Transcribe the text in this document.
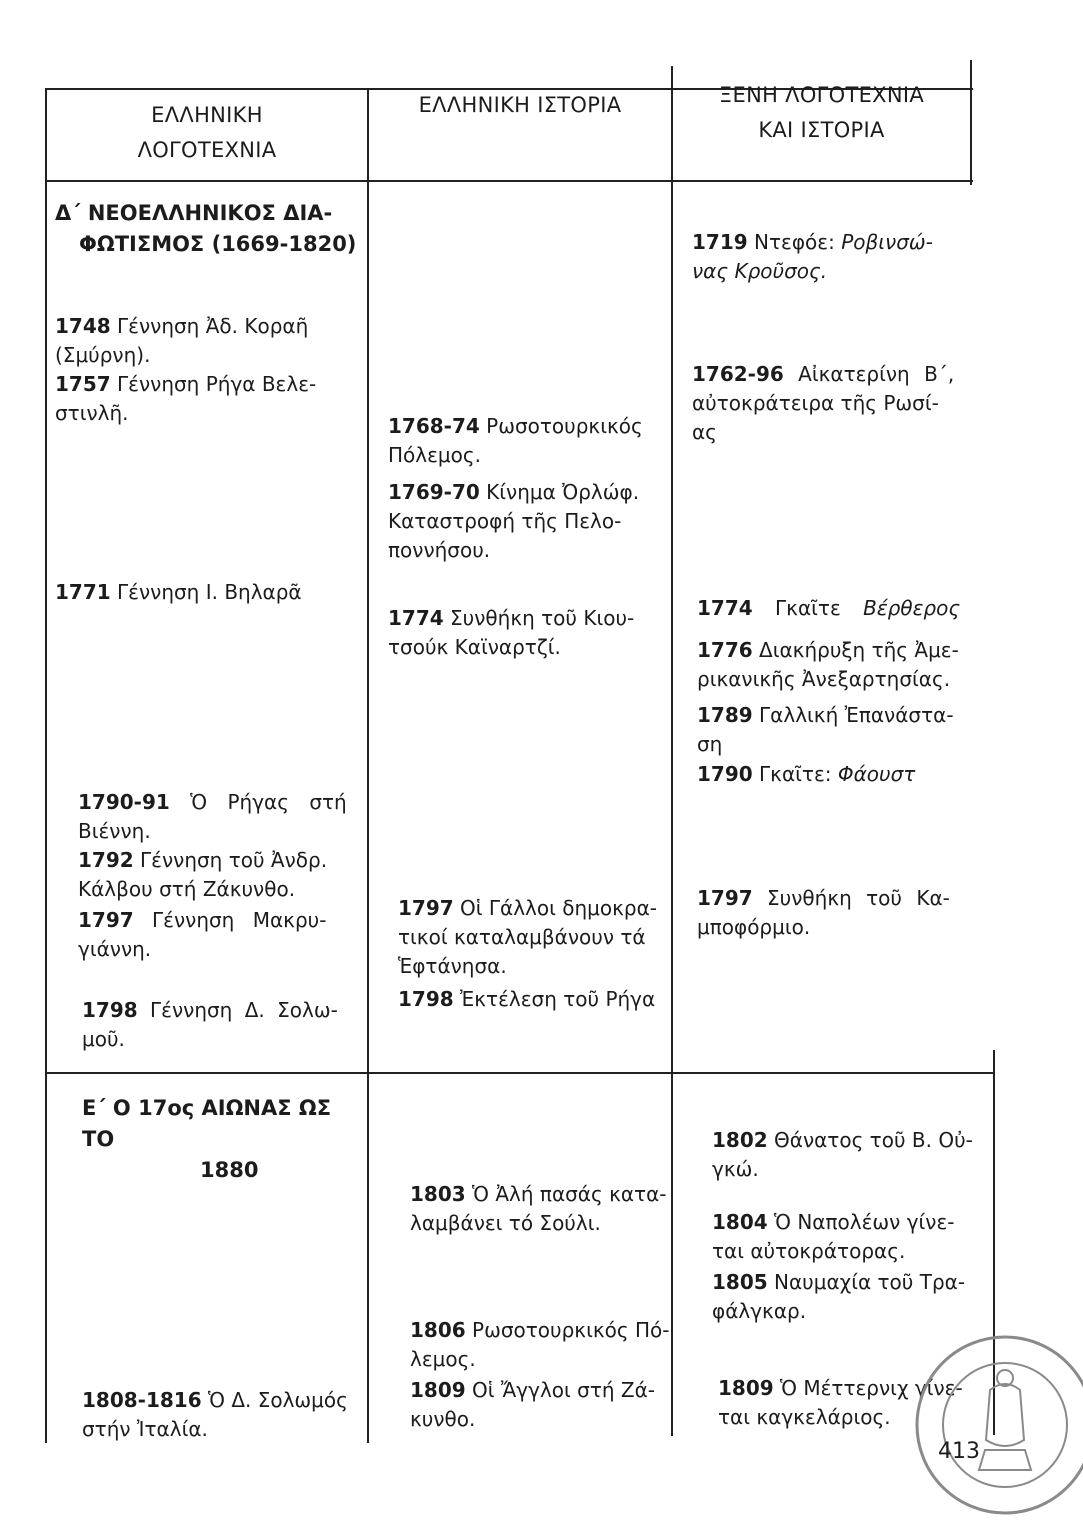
ΕΛΛΗΝΙΚΗ
ΛΟΓΟΤΕΧΝΙΑ
ΕΛΛΗΝΙΚΗ ΙΣΤΟΡΙΑ	ΞΕΝΗ ΛΟΓΟΤΕΧΝΙΑ
ΚΑΙ ΙΣΤΟΡΙΑ
Δ΄ ΝΕΟΕΛΛΗΝΙΚΟΣ ΔΙΑ-
ΦΩΤΙΣΜΟΣ (1669-1820)
Ε΄ Ο 17ος ΑΙΩΝΑΣ ΩΣ ΤΟ
1880
1748 Γέννηση Ἀδ. Κοραῆ
(Σμύρνη).
1757 Γέννηση Ρήγα Βελε-
στινλῆ.
1771 Γέννηση Ι. Βηλαρᾶ
1790-91 Ὁ Ρήγας στή
Βιέννη.
1792 Γέννηση τοῦ Ἀνδρ.
Κάλβου στή Ζάκυνθο.
1797 Γέννηση Μακρυ-
γιάννη.
1798 Γέννηση Δ. Σολω-
μοῦ.
1808-1816 Ὁ Δ. Σολωμός
στήν Ἰταλία.
1768-74 Ρωσοτουρκικός
Πόλεμος.
1769-70 Κίνημα Ὀρλώφ.
Καταστροφή τῆς Πελο-
ποννήσου.
1774 Συνθήκη τοῦ Κιου-
τσούκ Καϊναρτζί.
1797 Οἱ Γάλλοι δημοκρα-
τικοί καταλαμβάνουν τά
Ἑφτάνησα.
1798 Ἐκτέλεση τοῦ Ρήγα
1803 Ὁ Ἀλή πασάς κατα-
λαμβάνει τό Σούλι.
1806 Ρωσοτουρκικός Πό-
λεμος.
1809 Οἱ Ἄγγλοι στή Ζά-
κυνθο.
1719 Ντεφόε: Ροβινσώ-
νας Κροῦσος.
1762-96 Αἰκατερίνη Β΄,
αὐτοκράτειρα τῆς Ρωσί-
ας
1774 Γκαῖτε Βέρθερος
1776 Διακήρυξη τῆς Ἀμε-
ρικανικῆς Ἀνεξαρτησίας.
1789 Γαλλική Ἐπανάστα-
ση
1790 Γκαῖτε: Φάουστ
1797 Συνθήκη τοῦ Κα-
μποφόρμιο.
1802 Θάνατος τοῦ Β. Οὐ-
γκώ.
1804 Ὁ Ναπολέων γίνε-
ται αὐτοκράτορας.
1805 Ναυμαχία τοῦ Τρα-
φάλγκαρ.
1809 Ὁ Μέττερνιχ γίνε-
ται καγκελάριος.
413
